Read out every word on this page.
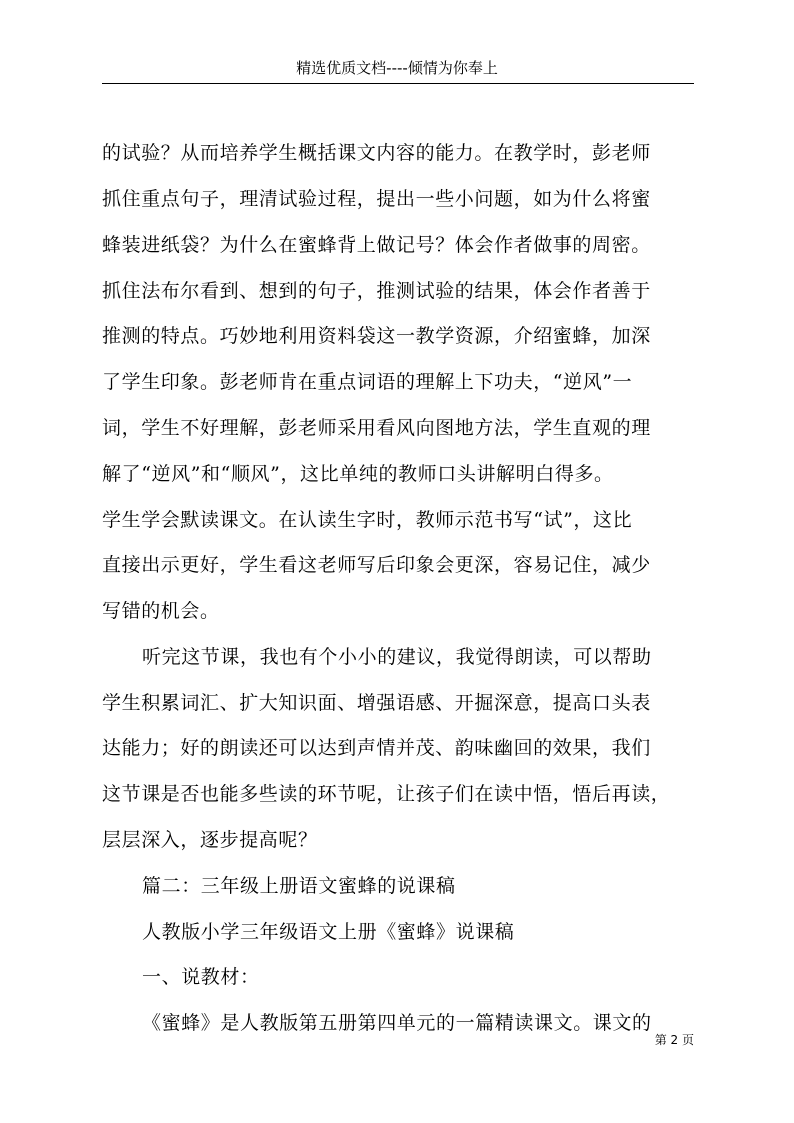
精选优质文档----倾情为你奉上
的试验？从而培养学生概括课文内容的能力。在教学时，彭老师
抓住重点句子，理清试验过程，提出一些小问题，如为什么将蜜
蜂装进纸袋？为什么在蜜蜂背上做记号？体会作者做事的周密。
抓住法布尔看到、想到的句子，推测试验的结果，体会作者善于
推测的特点。巧妙地利用资料袋这一教学资源，介绍蜜蜂，加深
了学生印象。彭老师肯在重点词语的理解上下功夫，“逆风”一
词，学生不好理解，彭老师采用看风向图地方法，学生直观的理
解了“逆风”和“顺风”，这比单纯的教师口头讲解明白得多。
学生学会默读课文。在认读生字时，教师示范书写“试”，这比
直接出示更好，学生看这老师写后印象会更深，容易记住，减少
写错的机会。
听完这节课，我也有个小小的建议，我觉得朗读，可以帮助
学生积累词汇、扩大知识面、增强语感、开掘深意，提高口头表
达能力；好的朗读还可以达到声情并茂、韵味幽回的效果，我们
这节课是否也能多些读的环节呢，让孩子们在读中悟，悟后再读，
层层深入，逐步提高呢？
篇二：三年级上册语文蜜蜂的说课稿
人教版小学三年级语文上册《蜜蜂》说课稿
一、说教材：
《蜜蜂》是人教版第五册第四单元的一篇精读课文。课文的
第 2 页
